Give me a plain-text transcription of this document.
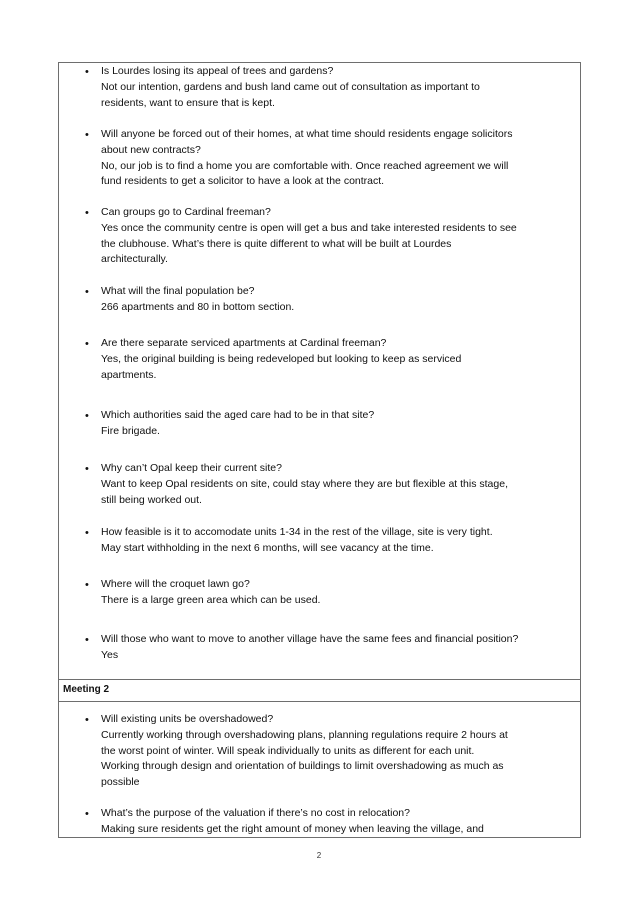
Meeting 2
• Is Lourdes losing its appeal of trees and gardens?
Not our intention, gardens and bush land came out of consultation as important to
residents, want to ensure that is kept.
• Will anyone be forced out of their homes, at what time should residents engage solicitors
about new contracts?
No, our job is to find a home you are comfortable with. Once reached agreement we will
fund residents to get a solicitor to have a look at the contract.
• Can groups go to Cardinal freeman?
Yes once the community centre is open will get a bus and take interested residents to see
the clubhouse. What’s there is quite different to what will be built at Lourdes
architecturally.
• What will the final population be?
266 apartments and 80 in bottom section.
• Are there separate serviced apartments at Cardinal freeman?
Yes, the original building is being redeveloped but looking to keep as serviced
apartments.
• Which authorities said the aged care had to be in that site?
Fire brigade.
• Why can’t Opal keep their current site?
Want to keep Opal residents on site, could stay where they are but flexible at this stage,
still being worked out.
• How feasible is it to accomodate units 1-34 in the rest of the village, site is very tight.
May start withholding in the next 6 months, will see vacancy at the time.
• Where will the croquet lawn go?
There is a large green area which can be used.
• Will those who want to move to another village have the same fees and financial position?
Yes
• Will existing units be overshadowed?
Currently working through overshadowing plans, planning regulations require 2 hours at
the worst point of winter. Will speak individually to units as different for each unit.
Working through design and orientation of buildings to limit overshadowing as much as
possible
• What’s the purpose of the valuation if there’s no cost in relocation?
Making sure residents get the right amount of money when leaving the village, and
2
